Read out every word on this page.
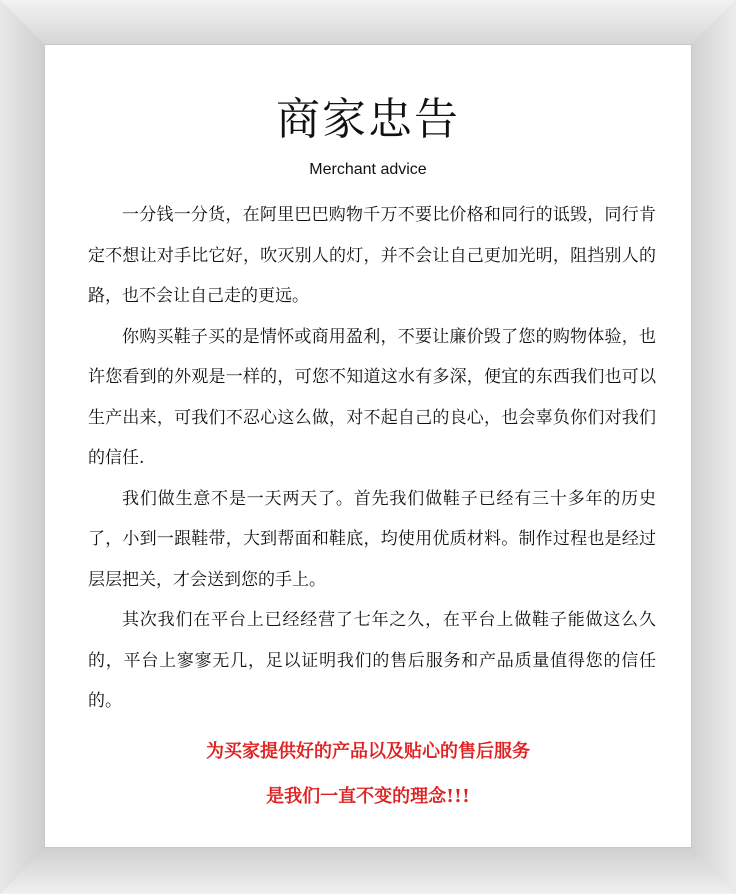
商家忠告
Merchant advice

一分钱一分货，在阿里巴巴购物千万不要比价格和同行的诋毁，同行肯定不想让对手比它好，吹灭别人的灯，并不会让自己更加光明，阻挡别人的路，也不会让自己走的更远。

你购买鞋子买的是情怀或商用盈利，不要让廉价毁了您的购物体验，也许您看到的外观是一样的，可您不知道这水有多深，便宜的东西我们也可以生产出来，可我们不忍心这么做，对不起自己的良心，也会辜负你们对我们的信任.

我们做生意不是一天两天了。首先我们做鞋子已经有三十多年的历史了，小到一跟鞋带，大到帮面和鞋底，均使用优质材料。制作过程也是经过层层把关，才会送到您的手上。

其次我们在平台上已经经营了七年之久，在平台上做鞋子能做这么久的，平台上寥寥无几，足以证明我们的售后服务和产品质量值得您的信任的。

为买家提供好的产品以及贴心的售后服务
是我们一直不变的理念!!!
